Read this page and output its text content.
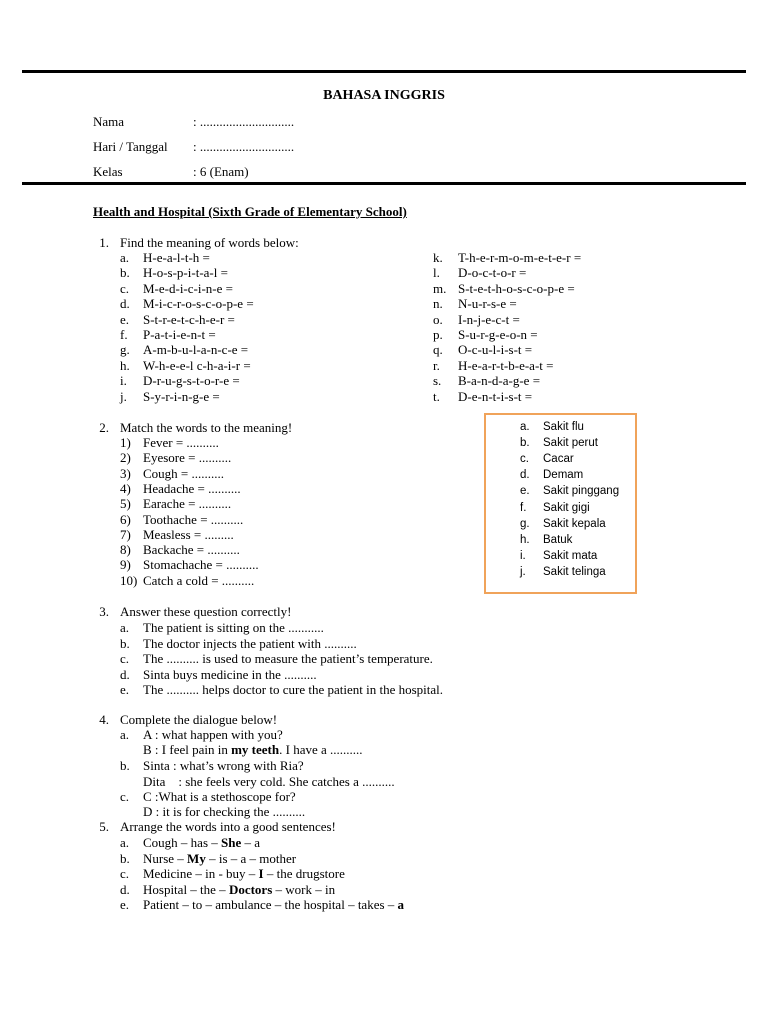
BAHASA INGGRIS
Nama	: .............................
Hari / Tanggal : .............................
Kelas	: 6 (Enam)
Health and Hospital (Sixth Grade of Elementary School)
1. Find the meaning of words below:
a. H-e-a-l-t-h =
b. H-o-s-p-i-t-a-l =
c. M-e-d-i-c-i-n-e =
d. M-i-c-r-o-s-c-o-p-e =
e. S-t-r-e-t-c-h-e-r =
f. P-a-t-i-e-n-t =
g. A-m-b-u-l-a-n-c-e =
h. W-h-e-e-l c-h-a-i-r =
i. D-r-u-g-s-t-o-r-e =
j. S-y-r-i-n-g-e =
k. T-h-e-r-m-o-m-e-t-e-r =
l. D-o-c-t-o-r =
m. S-t-e-t-h-o-s-c-o-p-e =
n. N-u-r-s-e =
o. I-n-j-e-c-t =
p. S-u-r-g-e-o-n =
q. O-c-u-l-i-s-t =
r. H-e-a-r-t-b-e-a-t =
s. B-a-n-d-a-g-e =
t. D-e-n-t-i-s-t =
2. Match the words to the meaning!
1) Fever = ..........
2) Eyesore = ..........
3) Cough = ..........
4) Headache = ..........
5) Earache = ..........
6) Toothache = ..........
7) Measless = .........
8) Backache = ..........
9) Stomachache = ..........
10) Catch a cold = ..........
a.	Sakit flu
b.	Sakit perut
c.	Cacar
d.	Demam
e.	Sakit pinggang
f.	Sakit gigi
g.	Sakit kepala
h.	Batuk
i.	Sakit mata
j.	Sakit telinga
3. Answer these question correctly!
a. The patient is sitting on the ...........
b. The doctor injects the patient with ..........
c. The .......... is used to measure the patient’s temperature.
d. Sinta buys medicine in the ..........
e. The .......... helps doctor to cure the patient in the hospital.
4. Complete the dialogue below!
a. A : what happen with you?
B : I feel pain in my teeth. I have a ..........
b. Sinta : what’s wrong with Ria?
Dita    : she feels very cold. She catches a ..........
c. C :What is a stethoscope for?
D : it is for checking the ..........
5. Arrange the words into a good sentences!
a. Cough – has – She – a
b. Nurse – My – is – a – mother
c. Medicine – in - buy – I – the drugstore
d. Hospital – the – Doctors – work – in
e. Patient – to – ambulance – the hospital – takes – a
